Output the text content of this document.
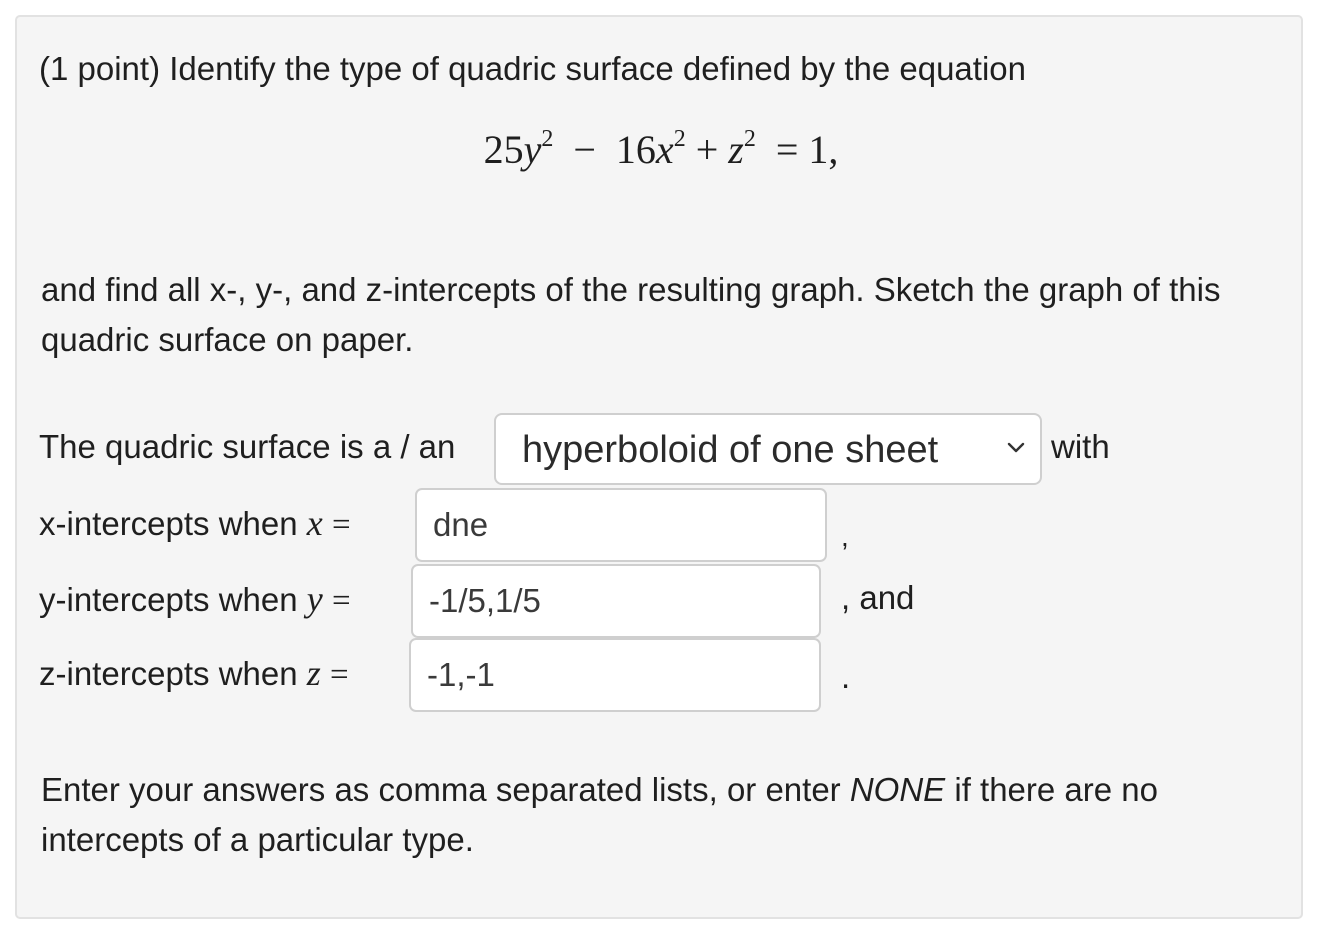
(1 point) Identify the type of quadric surface defined by the equation
$25y^2 - 16x^2 + z^2 = 1$,
and find all x-, y-, and z-intercepts of the resulting graph. Sketch the graph of this quadric surface on paper.
The quadric surface is a / an hyperboloid of one sheet	with
x-intercepts when x =
dne	,
y-intercepts when y =
-1/5,1/5	, and
z-intercepts when z =
-1,-1	.
Enter your answers as comma separated lists, or enter NONE if there are no intercepts of a particular type.
